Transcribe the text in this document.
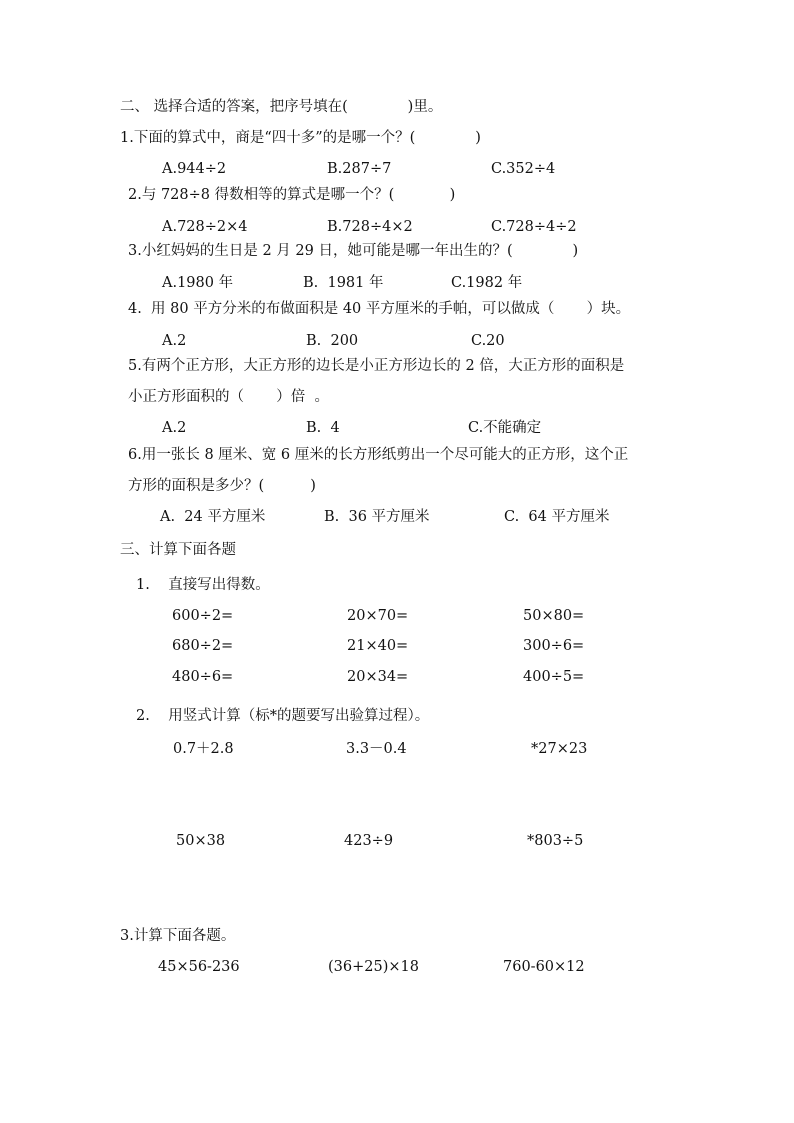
二、 选择合适的答案，把序号填在(             )里。
1.下面的算式中，商是“四十多”的是哪一个？(             )
A.944÷2	B.287÷7	C.352÷4
2.与 728÷8 得数相等的算式是哪一个？(            )
A.728÷2×4	B.728÷4×2	C.728÷4÷2
3.小红妈妈的生日是 2 月 29 日，她可能是哪一年出生的？(             )
A.1980 年	B.  1981 年	C.1982 年
4.  用 80 平方分米的布做面积是 40 平方厘米的手帕，可以做成（       ）块。
A.2	B.  200	C.20
5.有两个正方形，大正方形的边长是小正方形边长的 2 倍，大正方形的面积是
小正方形面积的（       ）倍  。
A.2	B.  4	C.不能确定
6.用一张长 8 厘米、宽 6 厘米的长方形纸剪出一个尽可能大的正方形，这个正
方形的面积是多少？(          )
A.  24 平方厘米	B.  36 平方厘米	C.  64 平方厘米
三、计算下面各题
1.    直接写出得数。
600÷2=	20×70=	50×80=
680÷2=	21×40=	300÷6=
480÷6=	20×34=	400÷5=
2.    用竖式计算（标*的题要写出验算过程）。
0.7＋2.8	3.3－0.4	*27×23
50×38	423÷9	*803÷5
3.计算下面各题。
45×56-236	(36+25)×18	760-60×12
